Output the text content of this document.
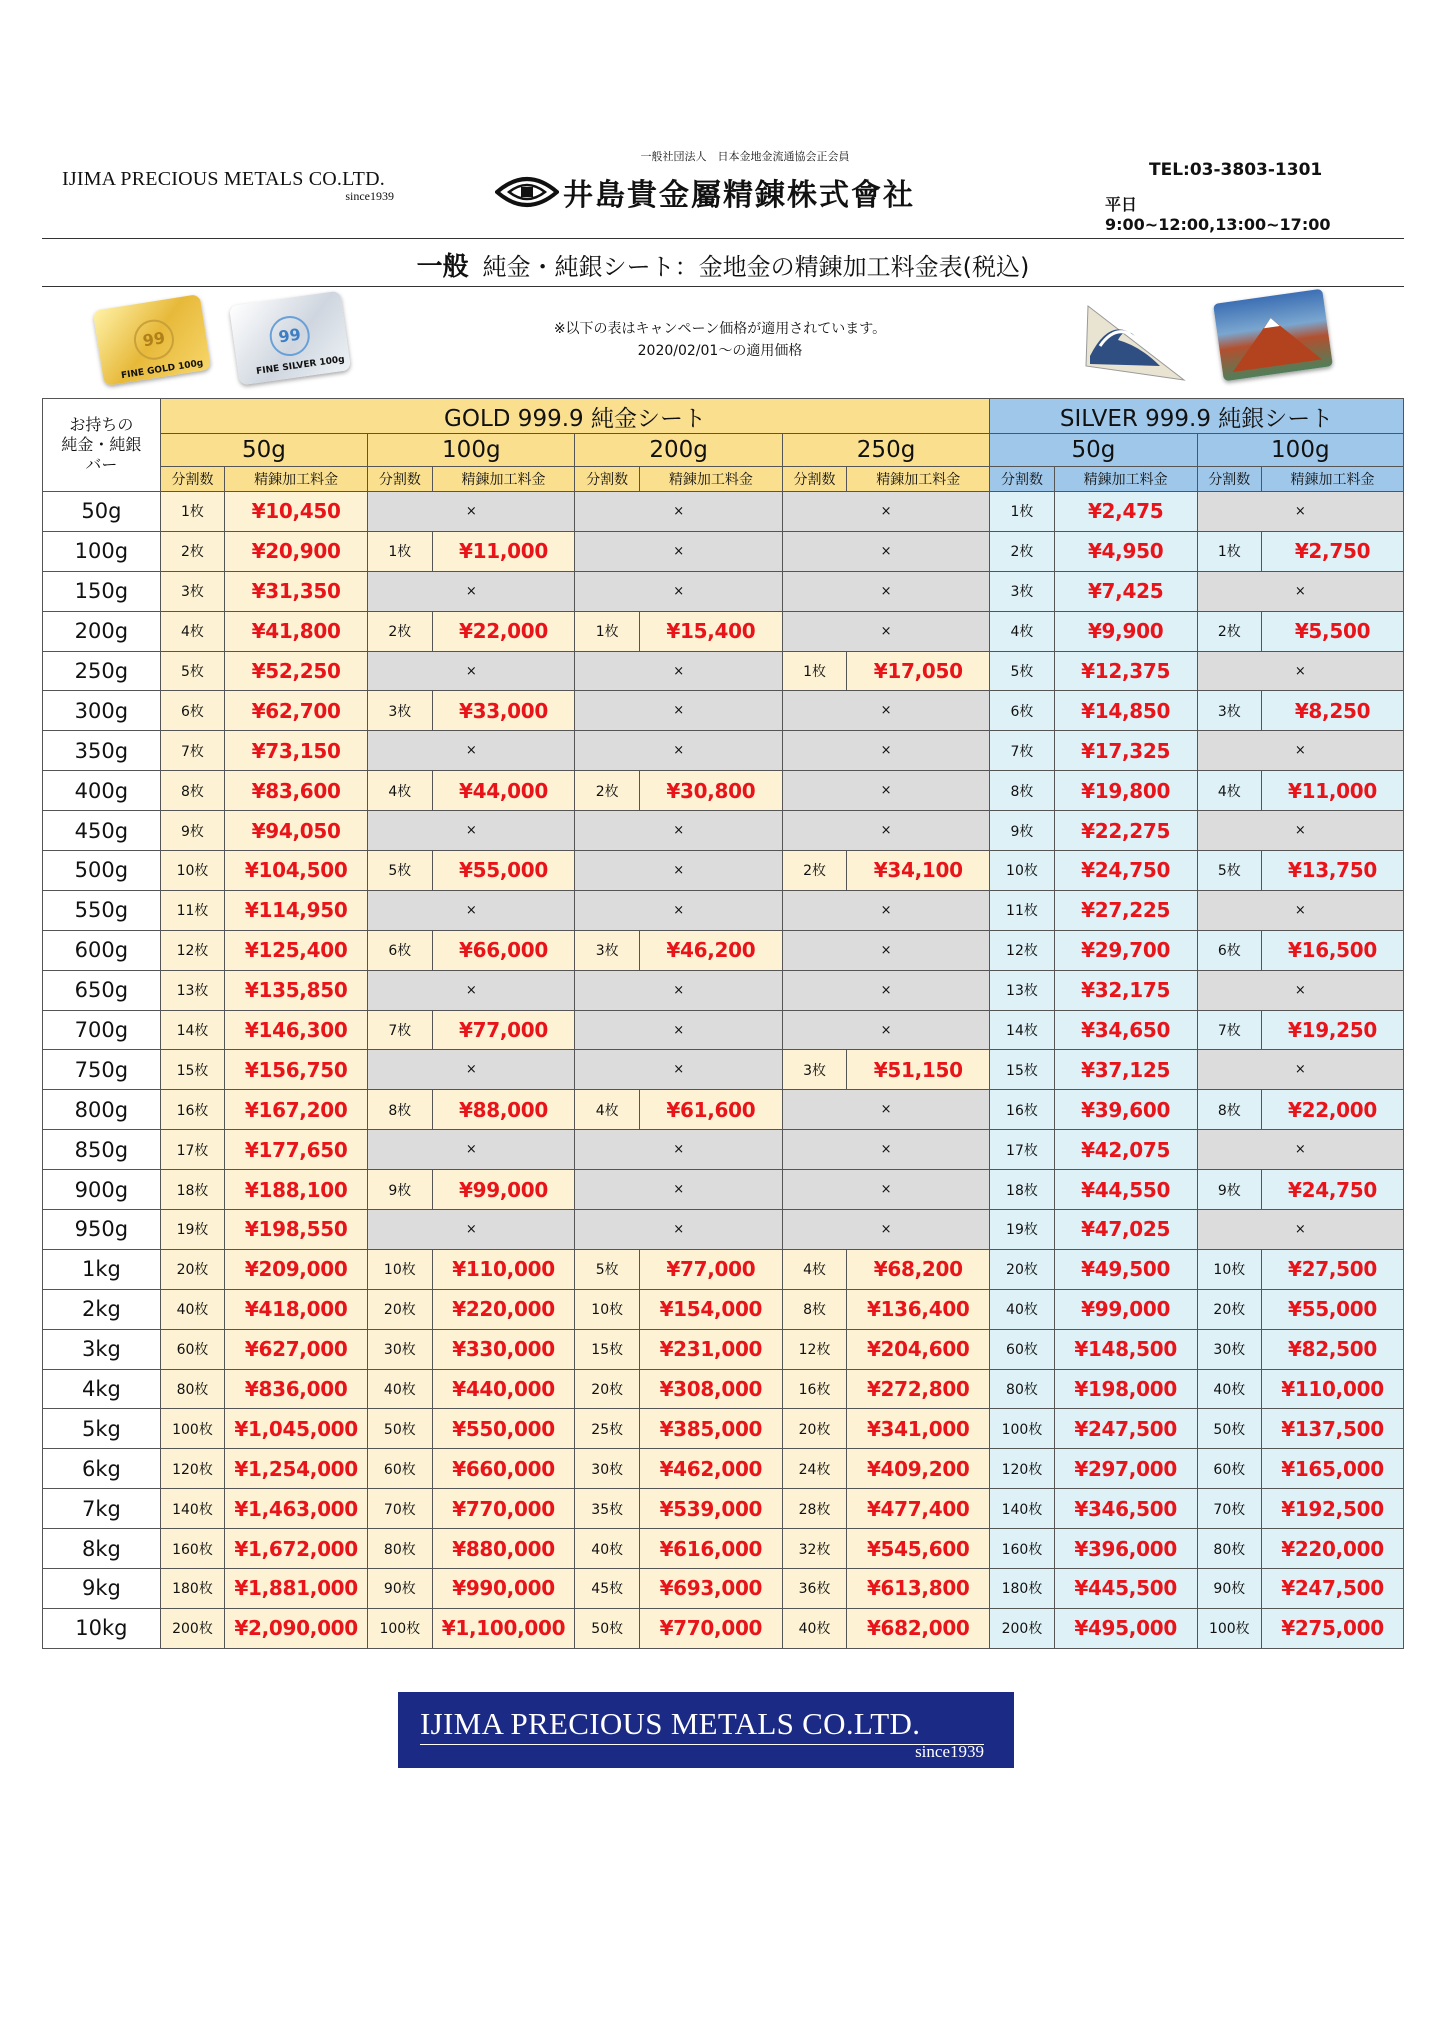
IJIMA PRECIOUS METALS CO.LTD.
since1939
一般社団法人　日本金地金流通協会正会員
井島貴金屬精錬株式會社
TEL:03-3803-1301
平日 9:00~12:00,13:00~17:00
一般 純金・純銀シート：金地金の精錬加工料金表(税込)
99
FINE GOLD 100g
99
FINE SILVER 100g
※以下の表はキャンペーン価格が適用されています。
2020/02/01～の適用価格
お持ちの
純金・純銀
バー	GOLD 999.9 純金シート								SILVER 999.9 純銀シート			
	50g		100g		200g		250g		50g		100g	
	分割数	精錬加工料金	分割数	精錬加工料金	分割数	精錬加工料金	分割数	精錬加工料金	分割数	精錬加工料金	分割数	精錬加工料金
50g	1枚	¥10,450	×		×		×		1枚	¥2,475	×	
100g	2枚	¥20,900	1枚	¥11,000	×		×		2枚	¥4,950	1枚	¥2,750
150g	3枚	¥31,350	×		×		×		3枚	¥7,425	×	
200g	4枚	¥41,800	2枚	¥22,000	1枚	¥15,400	×		4枚	¥9,900	2枚	¥5,500
250g	5枚	¥52,250	×		×		1枚	¥17,050	5枚	¥12,375	×	
300g	6枚	¥62,700	3枚	¥33,000	×		×		6枚	¥14,850	3枚	¥8,250
350g	7枚	¥73,150	×		×		×		7枚	¥17,325	×	
400g	8枚	¥83,600	4枚	¥44,000	2枚	¥30,800	×		8枚	¥19,800	4枚	¥11,000
450g	9枚	¥94,050	×		×		×		9枚	¥22,275	×	
500g	10枚	¥104,500	5枚	¥55,000	×		2枚	¥34,100	10枚	¥24,750	5枚	¥13,750
550g	11枚	¥114,950	×		×		×		11枚	¥27,225	×	
600g	12枚	¥125,400	6枚	¥66,000	3枚	¥46,200	×		12枚	¥29,700	6枚	¥16,500
650g	13枚	¥135,850	×		×		×		13枚	¥32,175	×	
700g	14枚	¥146,300	7枚	¥77,000	×		×		14枚	¥34,650	7枚	¥19,250
750g	15枚	¥156,750	×		×		3枚	¥51,150	15枚	¥37,125	×	
800g	16枚	¥167,200	8枚	¥88,000	4枚	¥61,600	×		16枚	¥39,600	8枚	¥22,000
850g	17枚	¥177,650	×		×		×		17枚	¥42,075	×	
900g	18枚	¥188,100	9枚	¥99,000	×		×		18枚	¥44,550	9枚	¥24,750
950g	19枚	¥198,550	×		×		×		19枚	¥47,025	×	
1kg	20枚	¥209,000	10枚	¥110,000	5枚	¥77,000	4枚	¥68,200	20枚	¥49,500	10枚	¥27,500
2kg	40枚	¥418,000	20枚	¥220,000	10枚	¥154,000	8枚	¥136,400	40枚	¥99,000	20枚	¥55,000
3kg	60枚	¥627,000	30枚	¥330,000	15枚	¥231,000	12枚	¥204,600	60枚	¥148,500	30枚	¥82,500
4kg	80枚	¥836,000	40枚	¥440,000	20枚	¥308,000	16枚	¥272,800	80枚	¥198,000	40枚	¥110,000
5kg	100枚	¥1,045,000	50枚	¥550,000	25枚	¥385,000	20枚	¥341,000	100枚	¥247,500	50枚	¥137,500
6kg	120枚	¥1,254,000	60枚	¥660,000	30枚	¥462,000	24枚	¥409,200	120枚	¥297,000	60枚	¥165,000
7kg	140枚	¥1,463,000	70枚	¥770,000	35枚	¥539,000	28枚	¥477,400	140枚	¥346,500	70枚	¥192,500
8kg	160枚	¥1,672,000	80枚	¥880,000	40枚	¥616,000	32枚	¥545,600	160枚	¥396,000	80枚	¥220,000
9kg	180枚	¥1,881,000	90枚	¥990,000	45枚	¥693,000	36枚	¥613,800	180枚	¥445,500	90枚	¥247,500
10kg	200枚	¥2,090,000	100枚	¥1,100,000	50枚	¥770,000	40枚	¥682,000	200枚	¥495,000	100枚	¥275,000
IJIMA PRECIOUS METALS CO.LTD.
since1939
